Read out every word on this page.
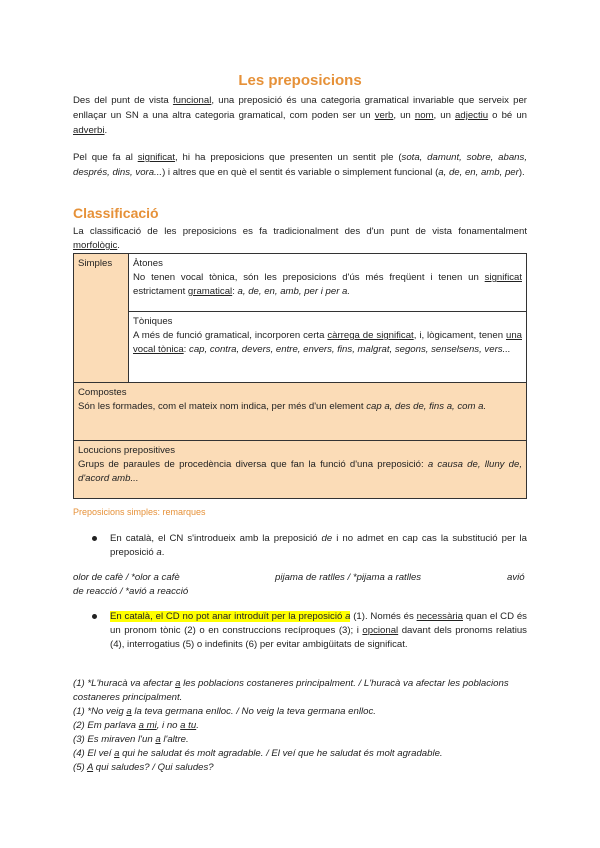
Les preposicions

Des del punt de vista funcional, una preposició és una categoria gramatical invariable que serveix per enllaçar un SN a una altra categoria gramatical, com poden ser un verb, un nom, un adjectiu o bé un adverbi.

Pel que fa al significat, hi ha preposicions que presenten un sentit ple (sota, damunt, sobre, abans, després, dins, vora...) i altres que en què el sentit és variable o simplement funcional (a, de, en, amb, per).

Classificació

La classificació de les preposicions es fa tradicionalment des d'un punt de vista fonamentalment morfològic.

Simples	Àtones
No tenen vocal tònica, són les preposicions d'ús més freqüent i tenen un significat estrictament gramatical: a, de, en, amb, per i per a.

Tòniques
A més de funció gramatical, incorporen certa càrrega de significat, i, lògicament, tenen una vocal tònica: cap, contra, devers, entre, envers, fins, malgrat, segons, senselsens, vers...

Compostes
Són les formades, com el mateix nom indica, per més d'un element cap a, des de, fins a, com a.

Locucions prepositives
Grups de paraules de procedència diversa que fan la funció d'una preposició: a causa de, lluny de, d'acord amb...
Preposicions simples: remarques
En català, el CN s'introdueix amb la preposició de i no admet en cap cas la substitució per la preposició a.
olor de cafè / *olor a cafè	pijama de ratlles / *pijama a ratlles	avió
de reacció / *avió a reacció
En català, el CD no pot anar introduït per la preposició a (1). Només és necessària quan el CD és un pronom tònic (2) o en construccions recíproques (3); i opcional davant dels pronoms relatius (4), interrogatius (5) o indefinits (6) per evitar ambigüitats de significat.
(1) *L'huracà va afectar a les poblacions costaneres principalment. / L'huracà va afectar les poblacions costaneres principalment.
(1) *No veig a la teva germana enlloc. / No veig la teva germana enlloc.
(2) Em parlava a mi, i no a tu.
(3) Es miraven l'un a l'altre.
(4) El veí a qui he saludat és molt agradable. / El veí que he saludat és molt agradable.
(5) A qui saludes? / Qui saludes?
